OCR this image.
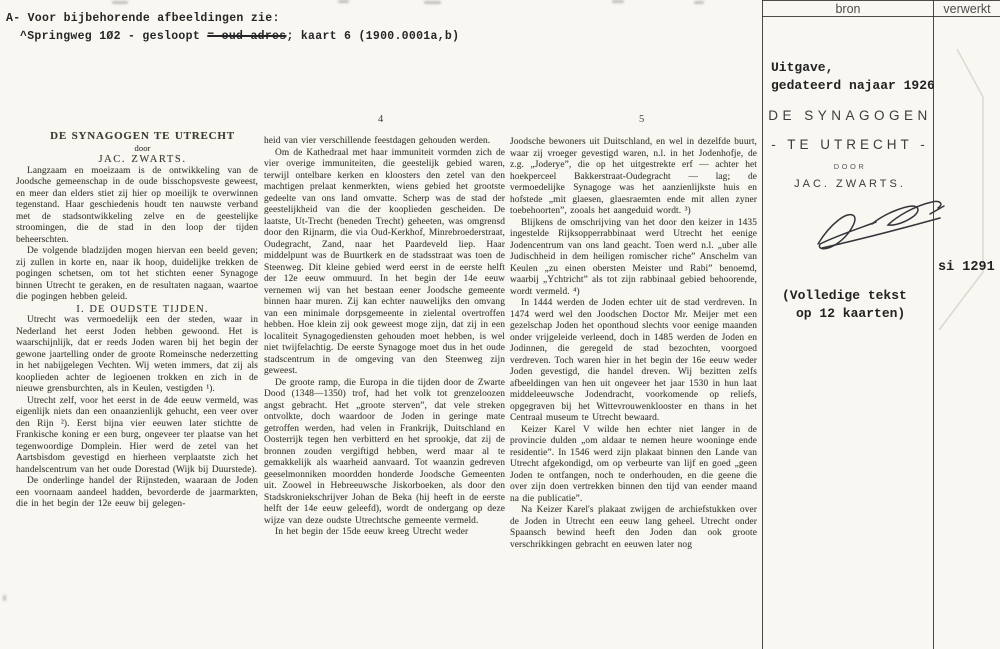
A- Voor bijbehorende afbeeldingen zie:
^Springweg 1Ø2 - gesloopt = oud adres; kaart 6 (1900.0001a,b)
4	5

DE SYNAGOGEN TE UTRECHT

door

JAC. ZWARTS.

Langzaam en moeizaam is de ontwikkeling van de Joodsche gemeenschap in de oude bisschopsveste geweest, en meer dan elders stiet zij hier op moeilijk te overwinnen tegenstand. Haar geschiedenis houdt ten nauwste verband met de stadsontwikkeling zelve en de geestelijke stroomingen, die de stad in den loop der tijden beheerschten.

De volgende bladzijden mogen hiervan een beeld geven; zij zullen in korte en, naar ik hoop, duidelijke trekken de pogingen schetsen, om tot het stichten eener Synagoge binnen Utrecht te geraken, en de resultaten nagaan, waartoe die pogingen hebben geleid.

I. DE OUDSTE TIJDEN.

Utrecht was vermoedelijk een der steden, waar in Nederland het eerst Joden hebben gewoond. Het is waarschijnlijk, dat er reeds Joden waren bij het begin der gewone jaartelling onder de groote Romeinsche nederzetting in het nabijgelegen Vechten. Wij weten immers, dat zij als kooplieden achter de legioenen trokken en zich in de nieuwe grensburchten, als in Keulen, vestigden ¹).

Utrecht zelf, voor het eerst in de 4de eeuw vermeld, was eigenlijk niets dan een onaanzienlijk gehucht, een veer over den Rijn ²). Eerst bijna vier eeuwen later stichtte de Frankische koning er een burg, ongeveer ter plaatse van het tegenwoordige Domplein. Hier werd de zetel van het Aartsbisdom gevestigd en hierheen verplaatste zich het handelscentrum van het oude Dorestad (Wijk bij Duurstede).

De onderlinge handel der Rijnsteden, waaraan de Joden een voornaam aandeel hadden, bevorderde de jaarmarkten, die in het begin der 12e eeuw bij gelegen-

heid van vier verschillende feestdagen gehouden werden.

Om de Kathedraal met haar immuniteit vormden zich de vier overige immuniteiten, die geestelijk gebied waren, terwijl ontelbare kerken en kloosters den zetel van den machtigen prelaat kenmerkten, wiens gebied het grootste gedeelte van ons land omvatte. Scherp was de stad der geestelijkheid van die der kooplieden gescheiden. De laatste, Ut-Trecht (beneden Trecht) geheeten, was omgrensd door den Rijnarm, die via Oud-Kerkhof, Minrebroederstraat, Oudegracht, Zand, naar het Paardeveld liep. Haar middelpunt was de Buurtkerk en de stadsstraat was toen de Steenweg. Dit kleine gebied werd eerst in de eerste helft der 12e eeuw ommuurd. In het begin der 14e eeuw vernemen wij van het bestaan eener Joodsche gemeente binnen haar muren. Zij kan echter nauwelijks den omvang van een minimale dorpsgemeente in zielental overtroffen hebben. Hoe klein zij ook geweest moge zijn, dat zij in een localiteit Synagogediensten gehouden moet hebben, is wel niet twijfelachtig. De eerste Synagoge moet dus in het oude stadscentrum in de omgeving van den Steenweg zijn geweest.

De groote ramp, die Europa in die tijden door de Zwarte Dood (1348—1350) trof, had het volk tot grenzeloozen angst gebracht. Het „groote sterven”, dat vele streken ontvolkte, doch waardoor de Joden in geringe mate getroffen werden, had velen in Frankrijk, Duitschland en Oosterrijk tegen hen verbitterd en het sprookje, dat zij de bronnen zouden vergiftigd hebben, werd maar al te gemakkelijk als waarheid aanvaard. Tot waanzin gedreven geeselmonniken moordden honderde Joodsche Gemeenten uit. Zoowel in Hebreeuwsche Jiskorboeken, als door den Stadskroniekschrijver Johan de Beka (hij heeft in de eerste helft der 14e eeuw geleefd), wordt de ondergang op deze wijze van deze oudste Utrechtsche gemeente vermeld.

In het begin der 15de eeuw kreeg Utrecht weder

Joodsche bewoners uit Duitschland, en wel in dezelfde buurt, waar zij vroeger gevestigd waren, n.l. in het Jodenhofje, de z.g. „Joderye”, die op het uitgestrekte erf — achter het hoekperceel Bakkerstraat-Oudegracht — lag; de vermoedelijke Synagoge was het aanzienlijkste huis en hofstede „mit glaesen, glaesraemten ende mit allen zyner toebehoorten”, zooals het aangeduid wordt. ³)

Blijkens de omschrijving van het door den keizer in 1435 ingestelde Rijksopperrabbinaat werd Utrecht het eenige Jodencentrum van ons land geacht. Toen werd n.l. „uber alle Judischheid in dem heiligen romischer riche” Anschelm van Keulen „zu einen obersten Meister und Rabi” benoemd, waarbij „Ychtricht” als tot zijn rabbinaal gebied behoorende, wordt vermeld. ⁴)

In 1444 werden de Joden echter uit de stad verdreven. In 1474 werd wel den Joodschen Doctor Mr. Meijer met een gezelschap Joden het oponthoud slechts voor eenige maanden onder vrijgeleide verleend, doch in 1485 werden de Joden en Jodinnen, die geregeld de stad bezochten, voorgoed verdreven. Toch waren hier in het begin der 16e eeuw weder Joden gevestigd, die handel dreven. Wij bezitten zelfs afbeeldingen van hen uit ongeveer het jaar 1530 in hun laat middeleeuwsche Jodendracht, voorkomende op reliefs, opgegraven bij het Wittevrouwenklooster en thans in het Centraal museum te Utrecht bewaard.

Keizer Karel V wilde hen echter niet langer in de provincie dulden „om aldaar te nemen heure wooninge ende residentie”. In 1546 werd zijn plakaat binnen den Lande van Utrecht afgekondigd, om op verbeurte van lijf en goed „geen Joden te ontfangen, noch te onderhouden, en die geene die over zijn doen vertrekken binnen den tijd van eender maand na die publicatie”.

Na Keizer Karel's plakaat zwijgen de archiefstukken over de Joden in Utrecht een eeuw lang geheel. Utrecht onder Spaansch bewind heeft den Joden dan ook groote verschrikkingen gebracht en eeuwen later nog

bron	verwerkt
Uitgave,
gedateerd najaar 1926
DE SYNAGOGEN
- TE UTRECHT -
DOOR
JAC. ZWARTS.
si 1291
(Volledige tekst
op 12 kaarten)
